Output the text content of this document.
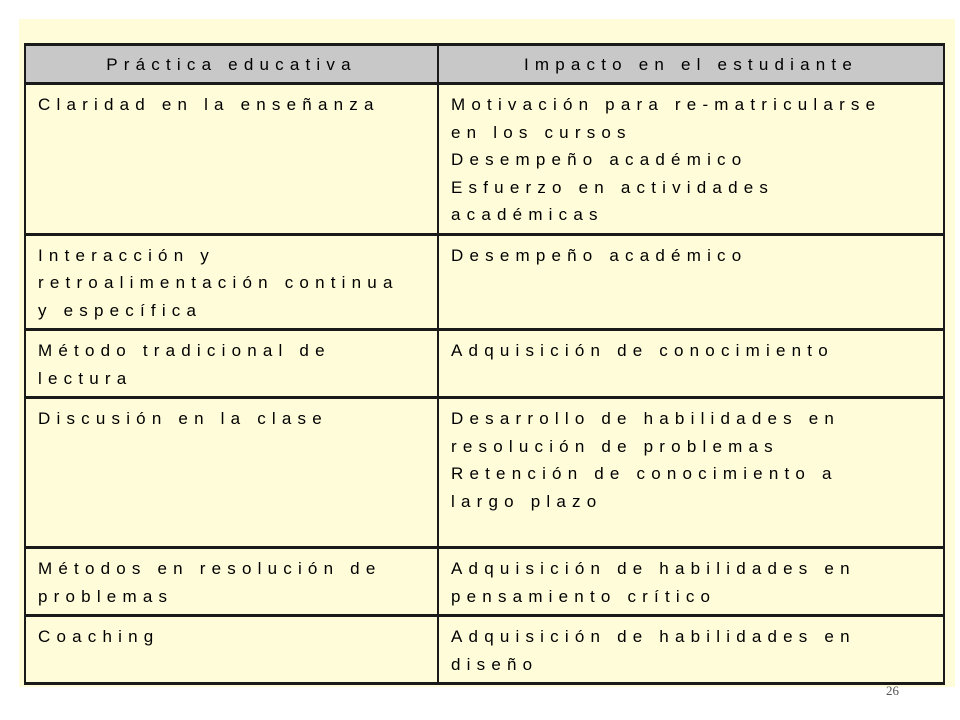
Práctica educativa	Impacto en el estudiante

Claridad en la enseñanza	Motivación para re-matricularse
en los cursos
Desempeño académico
Esfuerzo en actividades
académicas

Interacción y
retroalimentación continua
y específica	Desempeño académico

Método tradicional de
lectura	Adquisición de conocimiento

Discusión en la clase	Desarrollo de habilidades en
resolución de problemas
Retención de conocimiento a
largo plazo

Métodos en resolución de
problemas	Adquisición de habilidades en
pensamiento crítico

Coaching	Adquisición de habilidades en
diseño
26
